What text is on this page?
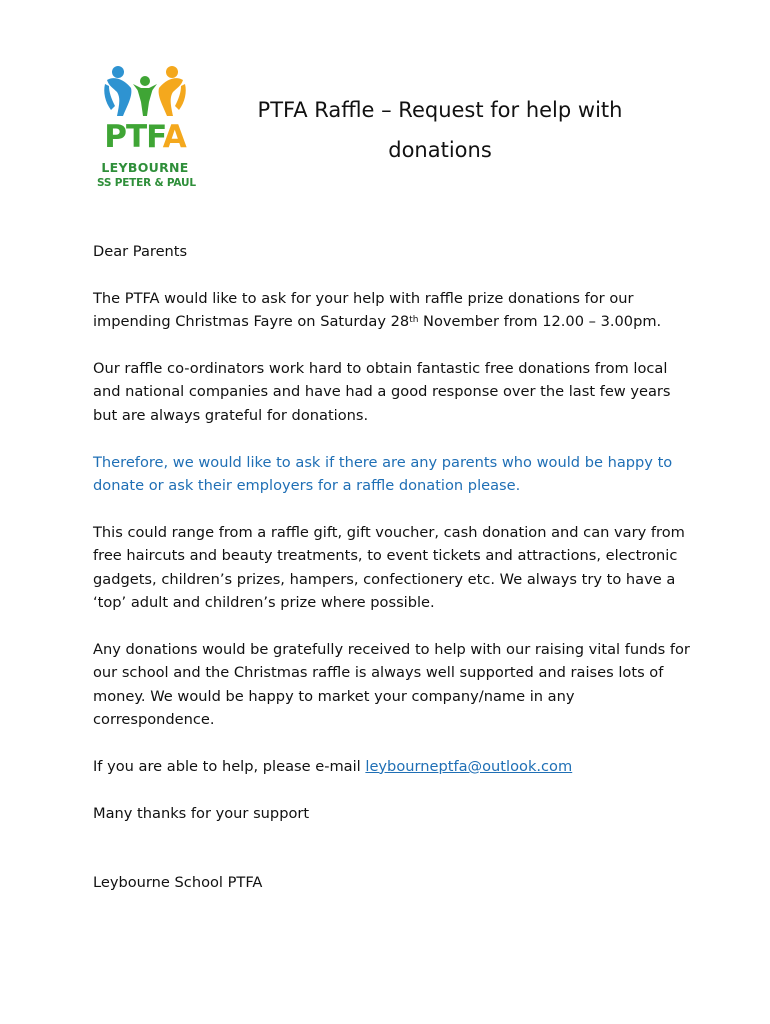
PTFA
LEYBOURNE
SS PETER & PAUL
PTFA Raffle – Request for help with
donations

Dear Parents

The PTFA would like to ask for your help with raffle prize donations for our impending Christmas Fayre on Saturday 28th November from 12.00 – 3.00pm.

Our raffle co-ordinators work hard to obtain fantastic free donations from local and national companies and have had a good response over the last few years but are always grateful for donations.

Therefore, we would like to ask if there are any parents who would be happy to donate or ask their employers for a raffle donation please.

This could range from a raffle gift, gift voucher, cash donation and can vary from free haircuts and beauty treatments, to event tickets and attractions, electronic gadgets, children’s prizes, hampers, confectionery etc. We always try to have a ‘top’ adult and children’s prize where possible.

Any donations would be gratefully received to help with our raising vital funds for our school and the Christmas raffle is always well supported and raises lots of money. We would be happy to market your company/name in any correspondence.

If you are able to help, please e-mail leybourneptfa@outlook.com

Many thanks for your support

Leybourne School PTFA
